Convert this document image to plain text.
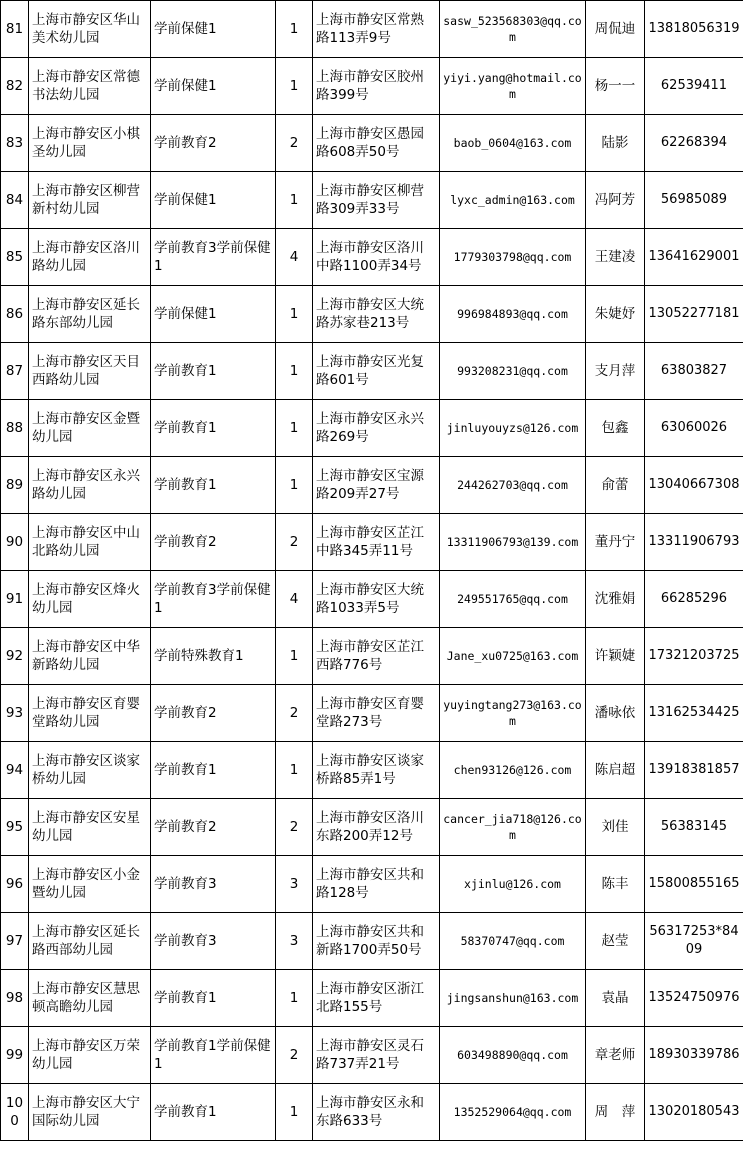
81	上海市静安区华山美术幼儿园	学前保健1	1	上海市静安区常熟路113弄9号	sasw_523568303@qq.com	周侃迪	13818056319
82	上海市静安区常德书法幼儿园	学前保健1	1	上海市静安区胶州路399号	yiyi.yang@hotmail.com	杨一一	62539411
83	上海市静安区小棋圣幼儿园	学前教育2	2	上海市静安区愚园路608弄50号	baob_0604@163.com	陆影	62268394
84	上海市静安区柳营新村幼儿园	学前保健1	1	上海市静安区柳营路309弄33号	lyxc_admin@163.com	冯阿芳	56985089
85	上海市静安区洛川路幼儿园	学前教育3学前保健1	4	上海市静安区洛川中路1100弄34号	1779303798@qq.com	王建凌	13641629001
86	上海市静安区延长路东部幼儿园	学前保健1	1	上海市静安区大统路苏家巷213号	996984893@qq.com	朱婕妤	13052277181
87	上海市静安区天目西路幼儿园	学前教育1	1	上海市静安区光复路601号	993208231@qq.com	支月萍	63803827
88	上海市静安区金暨幼儿园	学前教育1	1	上海市静安区永兴路269号	jinluyouyzs@126.com	包鑫	63060026
89	上海市静安区永兴路幼儿园	学前教育1	1	上海市静安区宝源路209弄27号	244262703@qq.com	俞蕾	13040667308
90	上海市静安区中山北路幼儿园	学前教育2	2	上海市静安区芷江中路345弄11号	13311906793@139.com	董丹宁	13311906793
91	上海市静安区烽火幼儿园	学前教育3学前保健1	4	上海市静安区大统路1033弄5号	249551765@qq.com	沈雅娟	66285296
92	上海市静安区中华新路幼儿园	学前特殊教育1	1	上海市静安区芷江西路776号	Jane_xu0725@163.com	许颖婕	17321203725
93	上海市静安区育婴堂路幼儿园	学前教育2	2	上海市静安区育婴堂路273号	yuyingtang273@163.com	潘咏依	13162534425
94	上海市静安区谈家桥幼儿园	学前教育1	1	上海市静安区谈家桥路85弄1号	chen93126@126.com	陈启超	13918381857
95	上海市静安区安星幼儿园	学前教育2	2	上海市静安区洛川东路200弄12号	cancer_jia718@126.com	刘佳	56383145
96	上海市静安区小金暨幼儿园	学前教育3	3	上海市静安区共和路128号	xjinlu@126.com	陈丰	15800855165
97	上海市静安区延长路西部幼儿园	学前教育3	3	上海市静安区共和新路1700弄50号	58370747@qq.com	赵莹	56317253*8409
98	上海市静安区慧思顿高瞻幼儿园	学前教育1	1	上海市静安区浙江北路155号	jingsanshun@163.com	袁晶	13524750976
99	上海市静安区万荣幼儿园	学前教育1学前保健1	2	上海市静安区灵石路737弄21号	603498890@qq.com	章老师	18930339786
100	上海市静安区大宁国际幼儿园	学前教育1	1	上海市静安区永和东路633号	1352529064@qq.com	周　萍	13020180543
